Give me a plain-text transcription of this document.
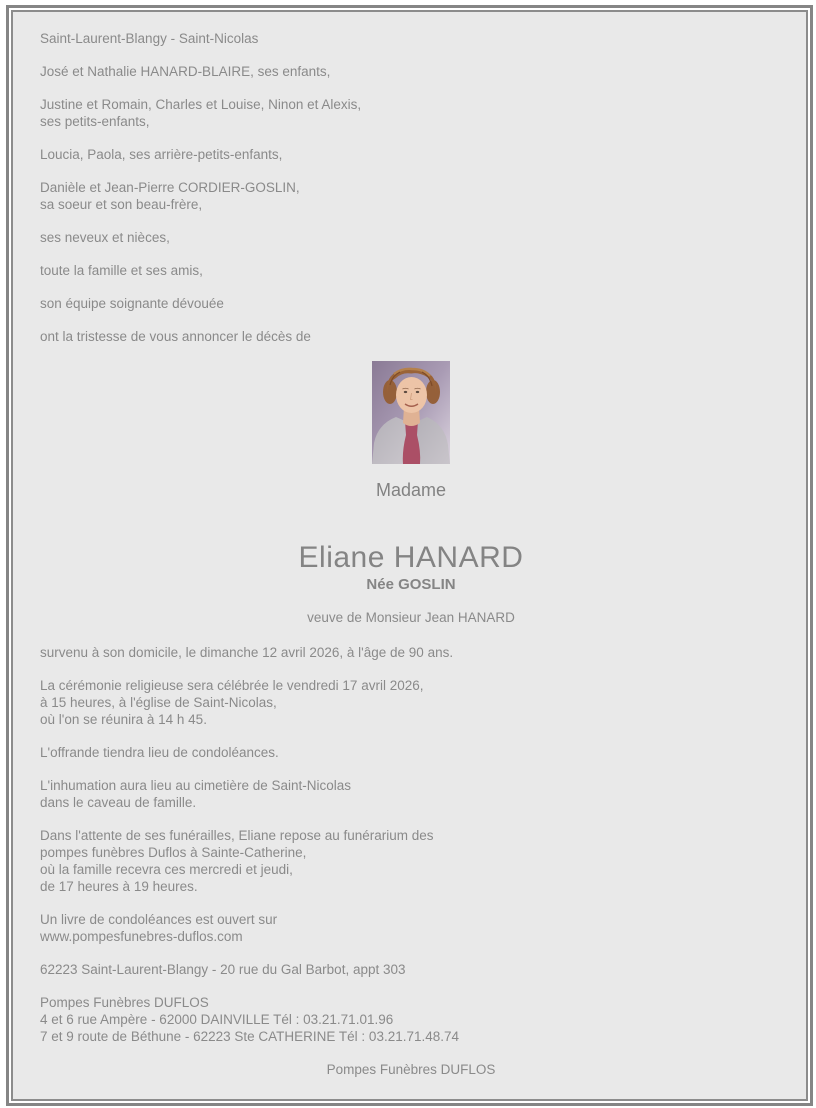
Saint-Laurent-Blangy - Saint-Nicolas

José et Nathalie HANARD-BLAIRE, ses enfants,

Justine et Romain, Charles et Louise, Ninon et Alexis,
ses petits-enfants,

Loucia, Paola, ses arrière-petits-enfants,

Danièle et Jean-Pierre CORDIER-GOSLIN,
sa soeur et son beau-frère,

ses neveux et nièces,

toute la famille et ses amis,

son équipe soignante dévouée

ont la tristesse de vous annoncer le décès de

Madame

Eliane HANARD

Née GOSLIN

veuve de Monsieur Jean HANARD

survenu à son domicile, le dimanche 12 avril 2026, à l'âge de 90 ans.

La cérémonie religieuse sera célébrée le vendredi 17 avril 2026,
à 15 heures, à l'église de Saint-Nicolas,
où l'on se réunira à 14 h 45.

L'offrande tiendra lieu de condoléances.

L'inhumation aura lieu au cimetière de Saint-Nicolas
dans le caveau de famille.

Dans l'attente de ses funérailles, Eliane repose au funérarium des
pompes funèbres Duflos à Sainte-Catherine,
où la famille recevra ces mercredi et jeudi,
de 17 heures à 19 heures.

Un livre de condoléances est ouvert sur
www.pompesfunebres-duflos.com

62223 Saint-Laurent-Blangy - 20 rue du Gal Barbot, appt 303

Pompes Funèbres DUFLOS
4 et 6 rue Ampère - 62000 DAINVILLE Tél : 03.21.71.01.96
7 et 9 route de Béthune - 62223 Ste CATHERINE Tél : 03.21.71.48.74

Pompes Funèbres DUFLOS
